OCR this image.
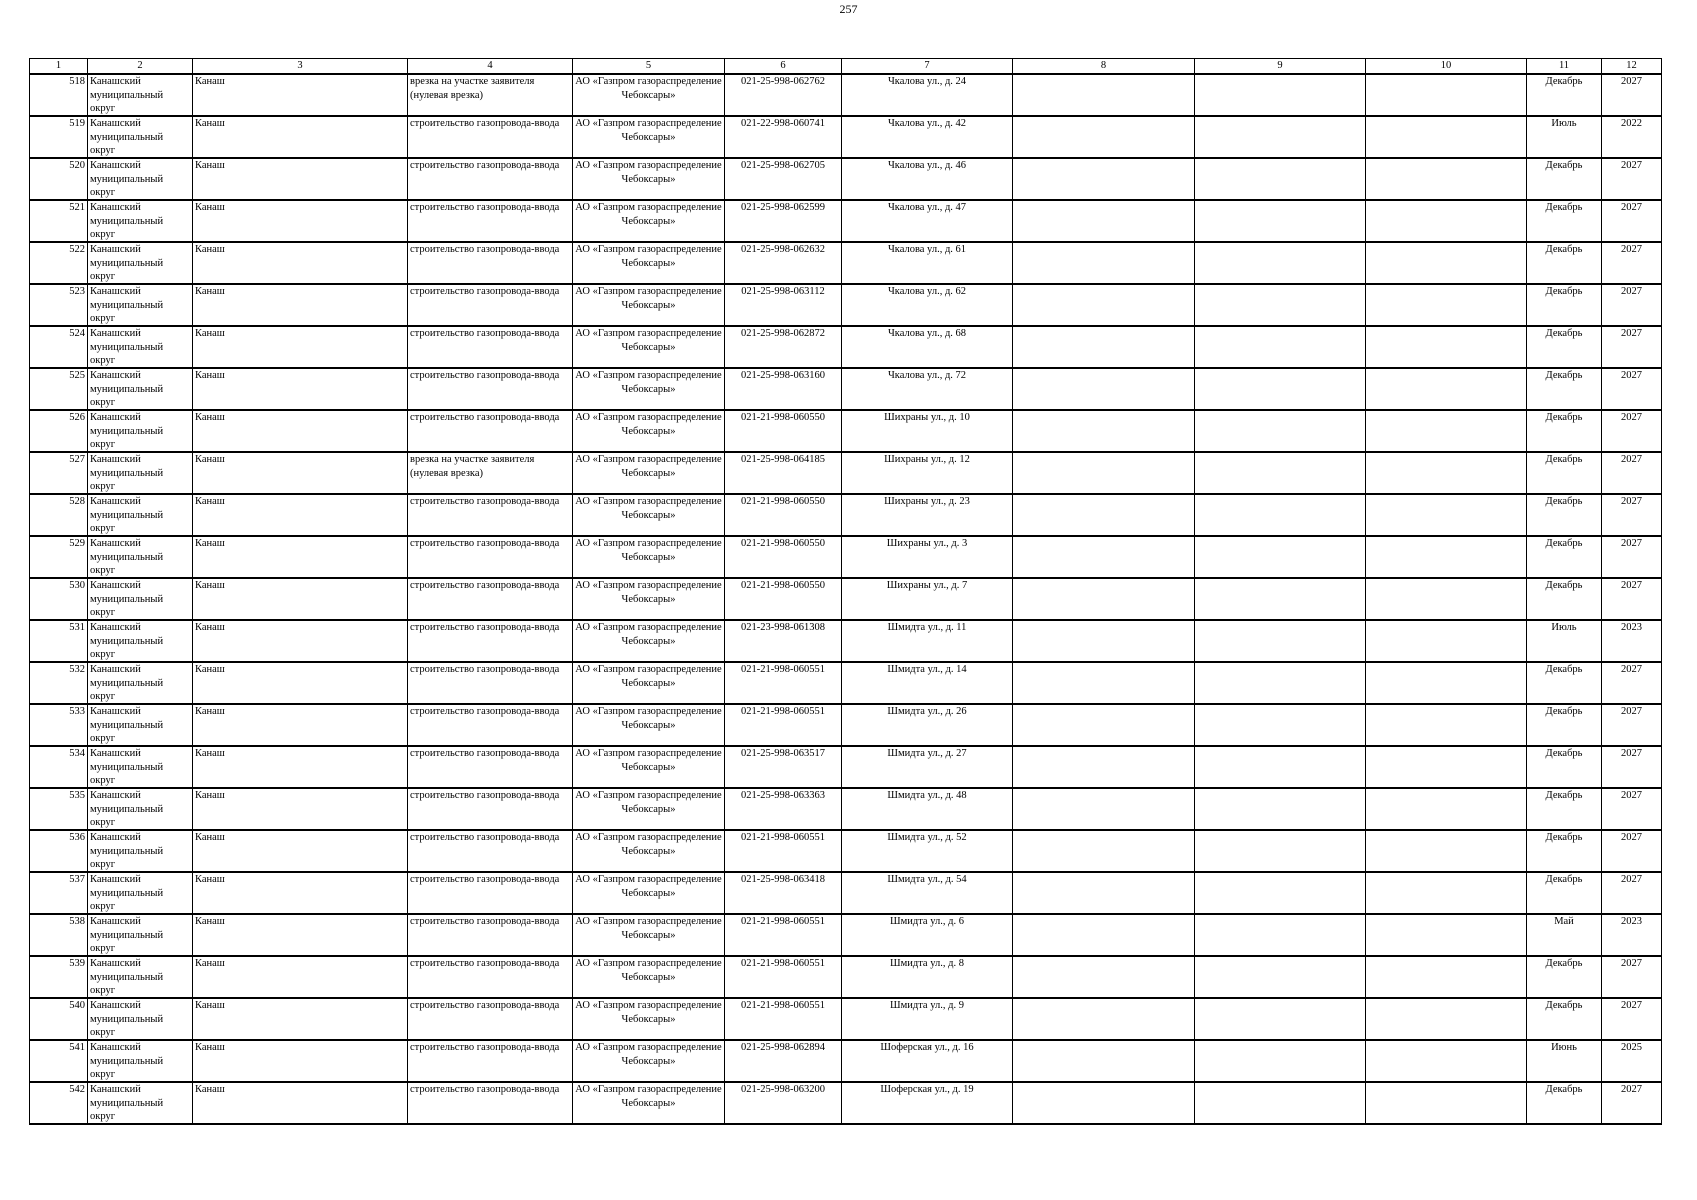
257
1	2	3	4	5	6	7	8	9	10	11	12

518	Канашский муниципальный округ	Канаш	врезка на участке заявителя (нулевая врезка)	АО «Газпром газораспределение Чебоксары»	021-25-998-062762	Чкалова ул., д. 24				Декабрь	2027

519	Канашский муниципальный округ	Канаш	строительство газопровода-ввода	АО «Газпром газораспределение Чебоксары»	021-22-998-060741	Чкалова ул., д. 42				Июль	2022

520	Канашский муниципальный округ	Канаш	строительство газопровода-ввода	АО «Газпром газораспределение Чебоксары»	021-25-998-062705	Чкалова ул., д. 46				Декабрь	2027

521	Канашский муниципальный округ	Канаш	строительство газопровода-ввода	АО «Газпром газораспределение Чебоксары»	021-25-998-062599	Чкалова ул., д. 47				Декабрь	2027

522	Канашский муниципальный округ	Канаш	строительство газопровода-ввода	АО «Газпром газораспределение Чебоксары»	021-25-998-062632	Чкалова ул., д. 61				Декабрь	2027

523	Канашский муниципальный округ	Канаш	строительство газопровода-ввода	АО «Газпром газораспределение Чебоксары»	021-25-998-063112	Чкалова ул., д. 62				Декабрь	2027

524	Канашский муниципальный округ	Канаш	строительство газопровода-ввода	АО «Газпром газораспределение Чебоксары»	021-25-998-062872	Чкалова ул., д. 68				Декабрь	2027

525	Канашский муниципальный округ	Канаш	строительство газопровода-ввода	АО «Газпром газораспределение Чебоксары»	021-25-998-063160	Чкалова ул., д. 72				Декабрь	2027

526	Канашский муниципальный округ	Канаш	строительство газопровода-ввода	АО «Газпром газораспределение Чебоксары»	021-21-998-060550	Шихраны ул., д. 10				Декабрь	2027

527	Канашский муниципальный округ	Канаш	врезка на участке заявителя (нулевая врезка)	АО «Газпром газораспределение Чебоксары»	021-25-998-064185	Шихраны ул., д. 12				Декабрь	2027

528	Канашский муниципальный округ	Канаш	строительство газопровода-ввода	АО «Газпром газораспределение Чебоксары»	021-21-998-060550	Шихраны ул., д. 23				Декабрь	2027

529	Канашский муниципальный округ	Канаш	строительство газопровода-ввода	АО «Газпром газораспределение Чебоксары»	021-21-998-060550	Шихраны ул., д. 3				Декабрь	2027

530	Канашский муниципальный округ	Канаш	строительство газопровода-ввода	АО «Газпром газораспределение Чебоксары»	021-21-998-060550	Шихраны ул., д. 7				Декабрь	2027

531	Канашский муниципальный округ	Канаш	строительство газопровода-ввода	АО «Газпром газораспределение Чебоксары»	021-23-998-061308	Шмидта ул., д. 11				Июль	2023

532	Канашский муниципальный округ	Канаш	строительство газопровода-ввода	АО «Газпром газораспределение Чебоксары»	021-21-998-060551	Шмидта ул., д. 14				Декабрь	2027

533	Канашский муниципальный округ	Канаш	строительство газопровода-ввода	АО «Газпром газораспределение Чебоксары»	021-21-998-060551	Шмидта ул., д. 26				Декабрь	2027

534	Канашский муниципальный округ	Канаш	строительство газопровода-ввода	АО «Газпром газораспределение Чебоксары»	021-25-998-063517	Шмидта ул., д. 27				Декабрь	2027

535	Канашский муниципальный округ	Канаш	строительство газопровода-ввода	АО «Газпром газораспределение Чебоксары»	021-25-998-063363	Шмидта ул., д. 48				Декабрь	2027

536	Канашский муниципальный округ	Канаш	строительство газопровода-ввода	АО «Газпром газораспределение Чебоксары»	021-21-998-060551	Шмидта ул., д. 52				Декабрь	2027

537	Канашский муниципальный округ	Канаш	строительство газопровода-ввода	АО «Газпром газораспределение Чебоксары»	021-25-998-063418	Шмидта ул., д. 54				Декабрь	2027

538	Канашский муниципальный округ	Канаш	строительство газопровода-ввода	АО «Газпром газораспределение Чебоксары»	021-21-998-060551	Шмидта ул., д. 6				Май	2023

539	Канашский муниципальный округ	Канаш	строительство газопровода-ввода	АО «Газпром газораспределение Чебоксары»	021-21-998-060551	Шмидта ул., д. 8				Декабрь	2027

540	Канашский муниципальный округ	Канаш	строительство газопровода-ввода	АО «Газпром газораспределение Чебоксары»	021-21-998-060551	Шмидта ул., д. 9				Декабрь	2027

541	Канашский муниципальный округ	Канаш	строительство газопровода-ввода	АО «Газпром газораспределение Чебоксары»	021-25-998-062894	Шоферская ул., д. 16				Июнь	2025

542	Канашский муниципальный округ	Канаш	строительство газопровода-ввода	АО «Газпром газораспределение Чебоксары»	021-25-998-063200	Шоферская ул., д. 19				Декабрь	2027
